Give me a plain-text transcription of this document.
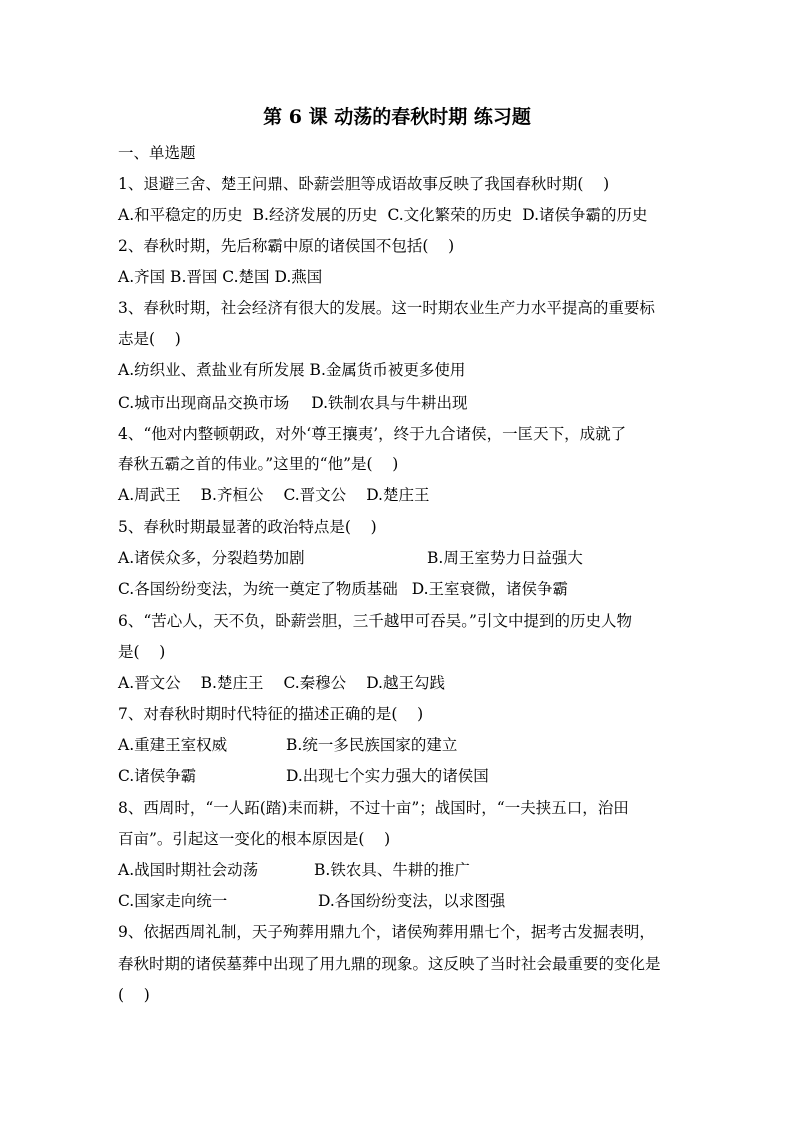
第 6 课 动荡的春秋时期 练习题
一、单选题
1、退避三舍、楚王问鼎、卧薪尝胆等成语故事反映了我国春秋时期(    )
A.和平稳定的历史 B.经济发展的历史 C.文化繁荣的历史 D.诸侯争霸的历史
2、春秋时期，先后称霸中原的诸侯国不包括(    )
A.齐国 B.晋国 C.楚国 D.燕国
3、春秋时期，社会经济有很大的发展。这一时期农业生产力水平提高的重要标
志是(    )
A.纺织业、煮盐业有所发展 B.金属货币被更多使用
C.城市出现商品交换市场 D.铁制农具与牛耕出现
4、“他对内整顿朝政，对外‘尊王攘夷’，终于九合诸侯，一匡天下，成就了
春秋五霸之首的伟业。”这里的“他”是(    )
A.周武王 B.齐桓公 C.晋文公 D.楚庄王
5、春秋时期最显著的政治特点是(    )
A.诸侯众多，分裂趋势加剧	B.周王室势力日益强大
C.各国纷纷变法，为统一奠定了物质基础 D.王室衰微，诸侯争霸
6、“苦心人，天不负，卧薪尝胆，三千越甲可吞吴。”引文中提到的历史人物
是(    )
A.晋文公 B.楚庄王 C.秦穆公 D.越王勾践
7、对春秋时期时代特征的描述正确的是(    )
A.重建王室权威	B.统一多民族国家的建立
C.诸侯争霸	D.出现七个实力强大的诸侯国
8、西周时，“一人跖(踏)耒而耕，不过十亩”；战国时，“一夫挟五口，治田
百亩”。引起这一变化的根本原因是(    )
A.战国时期社会动荡	B.铁农具、牛耕的推广
C.国家走向统一	D.各国纷纷变法，以求图强
9、依据西周礼制，天子殉葬用鼎九个，诸侯殉葬用鼎七个，据考古发掘表明，
春秋时期的诸侯墓葬中出现了用九鼎的现象。这反映了当时社会最重要的变化是
(    )
